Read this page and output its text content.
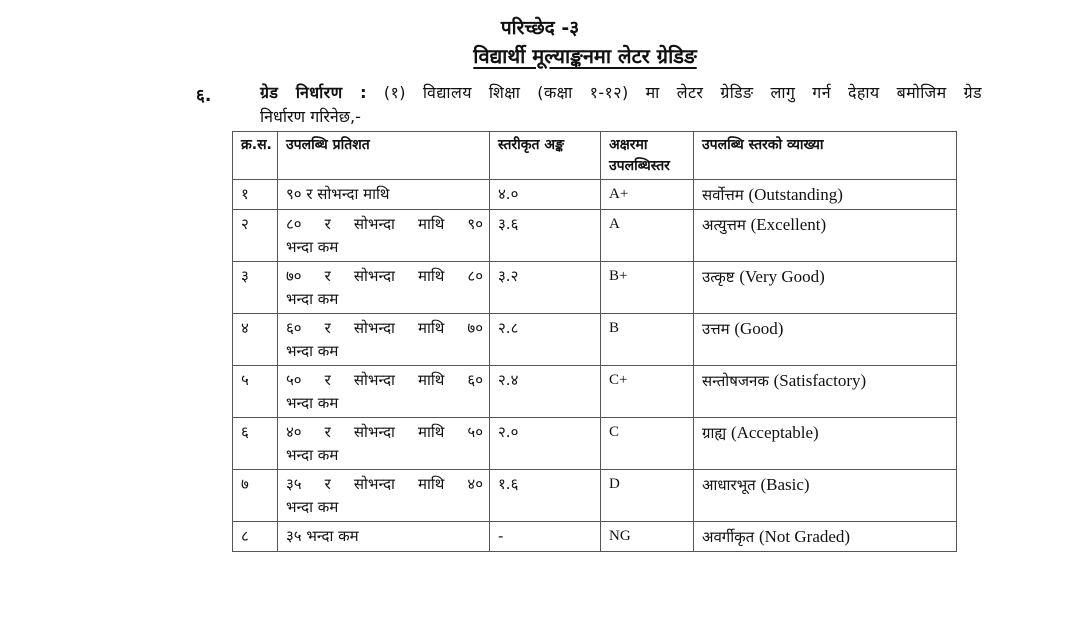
परिच्छेद -३
विद्यार्थी मूल्याङ्कनमा लेटर ग्रेडिङ
६.	ग्रेड निर्धारण : (१) विद्यालय शिक्षा (कक्षा १-१२) मा लेटर ग्रेडिङ लागु गर्न देहाय बमोजिम ग्रेड
निर्धारण गरिनेछ,-
क्र.स.	उपलब्धि प्रतिशत	स्तरीकृत अङ्क	अक्षरमा
उपलब्धिस्तर	उपलब्धि स्तरको व्याख्या
१	९० र सोभन्दा माथि	४.०	A+	सर्वोत्तम (Outstanding)
२	८० र सोभन्दा माथि ९०
भन्दा कम	३.६	A	अत्युत्तम (Excellent)
३	७० र सोभन्दा माथि ८०
भन्दा कम	३.२	B+	उत्कृष्ट (Very Good)
४	६० र सोभन्दा माथि ७०
भन्दा कम	२.८	B	उत्तम (Good)
५	५० र सोभन्दा माथि ६०
भन्दा कम	२.४	C+	सन्तोषजनक (Satisfactory)
६	४० र सोभन्दा माथि ५०
भन्दा कम	२.०	C	ग्राह्य (Acceptable)
७	३५ र सोभन्दा माथि ४०
भन्दा कम	१.६	D	आधारभूत (Basic)
८	३५ भन्दा कम	-	NG	अवर्गीकृत (Not Graded)
